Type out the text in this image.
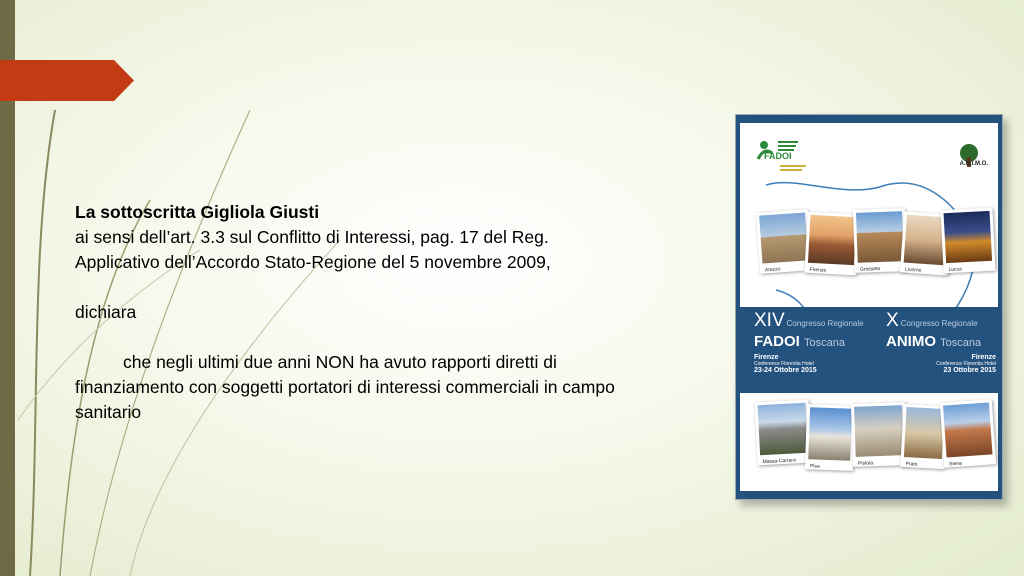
La sottoscritta Gigliola Giusti

ai sensi dell’art. 3.3 sul Conflitto di Interessi, pag. 17 del Reg.

Applicativo dell’Accordo Stato-Regione del 5 novembre 2009,

dichiara

che negli ultimi due anni NON ha avuto rapporti diretti di

finanziamento con soggetti portatori di interessi commerciali in campo

sanitario

FADOI
A.N.I.M.O.
Arezzo	Firenze	Grosseto	Livorno	Lucca
XIV Congresso Regionale
FADOI Toscana
Firenze
Conference Florentia Hotel
23-24 Ottobre 2015
X Congresso Regionale
ANIMO Toscana
Firenze
Conference Florentia Hotel
23 Ottobre 2015
Massa-Carrara
Pisa	Pistoia	Prato	Siena
